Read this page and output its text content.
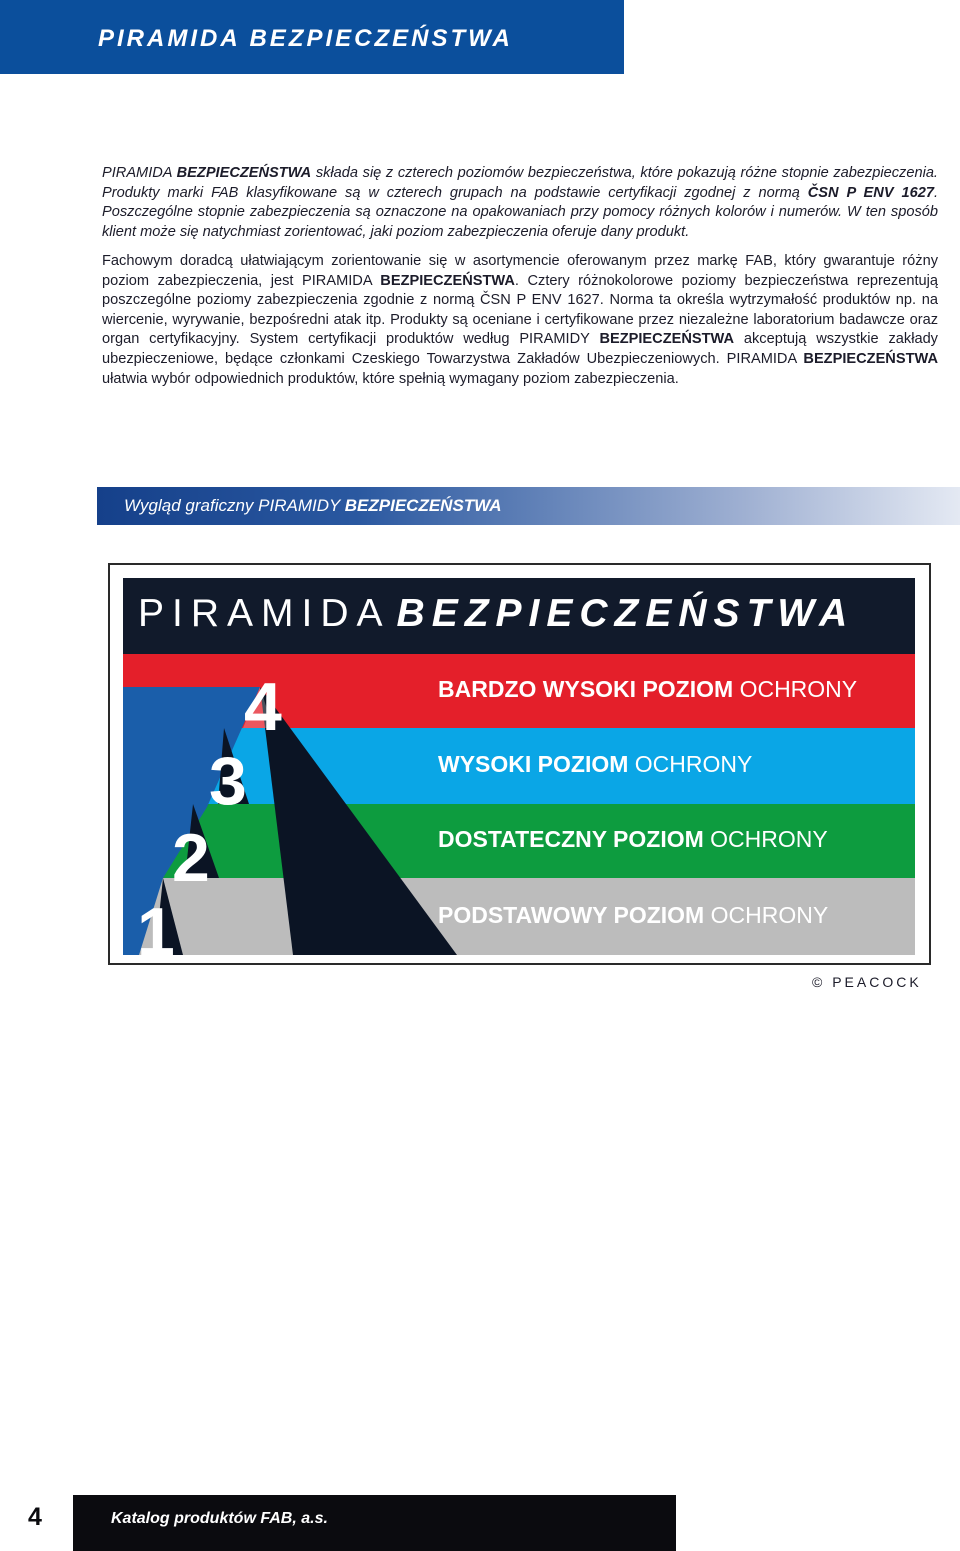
PIRAMIDA BEZPIECZEŃSTWA

PIRAMIDA BEZPIECZEŃSTWA składa się z czterech poziomów bezpieczeństwa, które pokazują różne stopnie zabezpieczenia. Produkty marki FAB klasyfikowane są w czterech grupach na podstawie certyfikacji zgodnej z normą ČSN P ENV 1627. Poszczególne stopnie zabezpieczenia są oznaczone na opakowaniach przy pomocy różnych kolorów i numerów. W ten sposób klient może się natychmiast zorientować, jaki poziom zabezpieczenia oferuje dany produkt.

Fachowym doradcą ułatwiającym zorientowanie się w asortymencie oferowanym przez markę FAB, który gwarantuje różny poziom zabezpieczenia, jest PIRAMIDA BEZPIECZEŃSTWA. Cztery różnokolorowe poziomy bezpieczeństwa reprezentują poszczególne poziomy zabezpieczenia zgodnie z normą ČSN P ENV 1627. Norma ta określa wytrzymałość produktów np. na wiercenie, wyrywanie, bezpośredni atak itp. Produkty są oceniane i certyfikowane przez niezależne laboratorium badawcze oraz organ certyfikacyjny. System certyfikacji produktów według PIRAMIDY BEZPIECZEŃSTWA akceptują wszystkie zakłady ubezpieczeniowe, będące członkami Czeskiego Towarzystwa Zakładów Ubezpieczeniowych. PIRAMIDA BEZPIECZEŃSTWA ułatwia wybór odpowiednich produktów, które spełnią wymagany poziom zabezpieczenia.

Wygląd graficzny PIRAMIDY BEZPIECZEŃSTWA
4
3
2
1
PIRAMIDA BEZPIECZEŃSTWA
BARDZO WYSOKI POZIOM OCHRONY
WYSOKI POZIOM OCHRONY
DOSTATECZNY POZIOM OCHRONY
PODSTAWOWY POZIOM OCHRONY
© PEACOCK
4	Katalog produktów FAB, a.s.
